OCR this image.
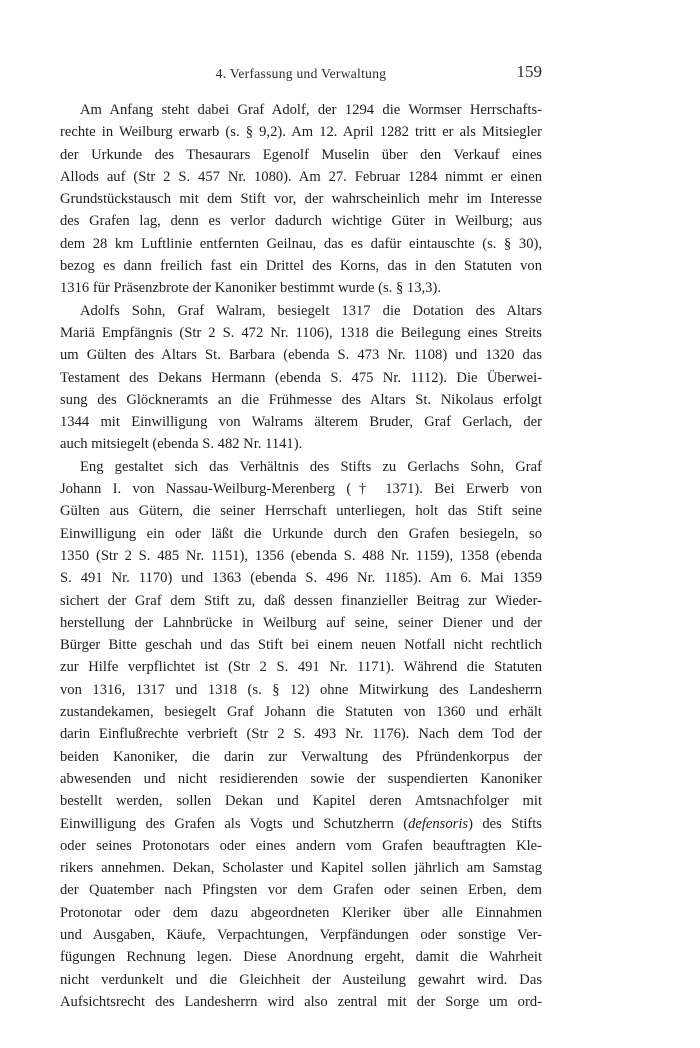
4. Verfassung und Verwaltung	159
Am Anfang steht dabei Graf Adolf, der 1294 die Wormser Herrschafts-
rechte in Weilburg erwarb (s. § 9,2). Am 12. April 1282 tritt er als Mitsiegler
der Urkunde des Thesaurars Egenolf Muselin über den Verkauf eines
Allods auf (Str 2 S. 457 Nr. 1080). Am 27. Februar 1284 nimmt er einen
Grundstückstausch mit dem Stift vor, der wahrscheinlich mehr im Interesse
des Grafen lag, denn es verlor dadurch wichtige Güter in Weilburg; aus
dem 28 km Luftlinie entfernten Geilnau, das es dafür eintauschte (s. § 30),
bezog es dann freilich fast ein Drittel des Korns, das in den Statuten von
1316 für Präsenzbrote der Kanoniker bestimmt wurde (s. § 13,3).
Adolfs Sohn, Graf Walram, besiegelt 1317 die Dotation des Altars
Mariä Empfängnis (Str 2 S. 472 Nr. 1106), 1318 die Beilegung eines Streits
um Gülten des Altars St. Barbara (ebenda S. 473 Nr. 1108) und 1320 das
Testament des Dekans Hermann (ebenda S. 475 Nr. 1112). Die Überwei-
sung des Glöckneramts an die Frühmesse des Altars St. Nikolaus erfolgt
1344 mit Einwilligung von Walrams älterem Bruder, Graf Gerlach, der
auch mitsiegelt (ebenda S. 482 Nr. 1141).
Eng gestaltet sich das Verhältnis des Stifts zu Gerlachs Sohn, Graf
Johann I. von Nassau-Weilburg-Merenberg († 1371). Bei Erwerb von
Gülten aus Gütern, die seiner Herrschaft unterliegen, holt das Stift seine
Einwilligung ein oder läßt die Urkunde durch den Grafen besiegeln, so
1350 (Str 2 S. 485 Nr. 1151), 1356 (ebenda S. 488 Nr. 1159), 1358 (ebenda
S. 491 Nr. 1170) und 1363 (ebenda S. 496 Nr. 1185). Am 6. Mai 1359
sichert der Graf dem Stift zu, daß dessen finanzieller Beitrag zur Wieder-
herstellung der Lahnbrücke in Weilburg auf seine, seiner Diener und der
Bürger Bitte geschah und das Stift bei einem neuen Notfall nicht rechtlich
zur Hilfe verpflichtet ist (Str 2 S. 491 Nr. 1171). Während die Statuten
von 1316, 1317 und 1318 (s. § 12) ohne Mitwirkung des Landesherrn
zustandekamen, besiegelt Graf Johann die Statuten von 1360 und erhält
darin Einflußrechte verbrieft (Str 2 S. 493 Nr. 1176). Nach dem Tod der
beiden Kanoniker, die darin zur Verwaltung des Pfründenkorpus der
abwesenden und nicht residierenden sowie der suspendierten Kanoniker
bestellt werden, sollen Dekan und Kapitel deren Amtsnachfolger mit
Einwilligung des Grafen als Vogts und Schutzherrn (defensoris) des Stifts
oder seines Protonotars oder eines andern vom Grafen beauftragten Kle-
rikers annehmen. Dekan, Scholaster und Kapitel sollen jährlich am Samstag
der Quatember nach Pfingsten vor dem Grafen oder seinen Erben, dem
Protonotar oder dem dazu abgeordneten Kleriker über alle Einnahmen
und Ausgaben, Käufe, Verpachtungen, Verpfändungen oder sonstige Ver-
fügungen Rechnung legen. Diese Anordnung ergeht, damit die Wahrheit
nicht verdunkelt und die Gleichheit der Austeilung gewahrt wird. Das
Aufsichtsrecht des Landesherrn wird also zentral mit der Sorge um ord-
